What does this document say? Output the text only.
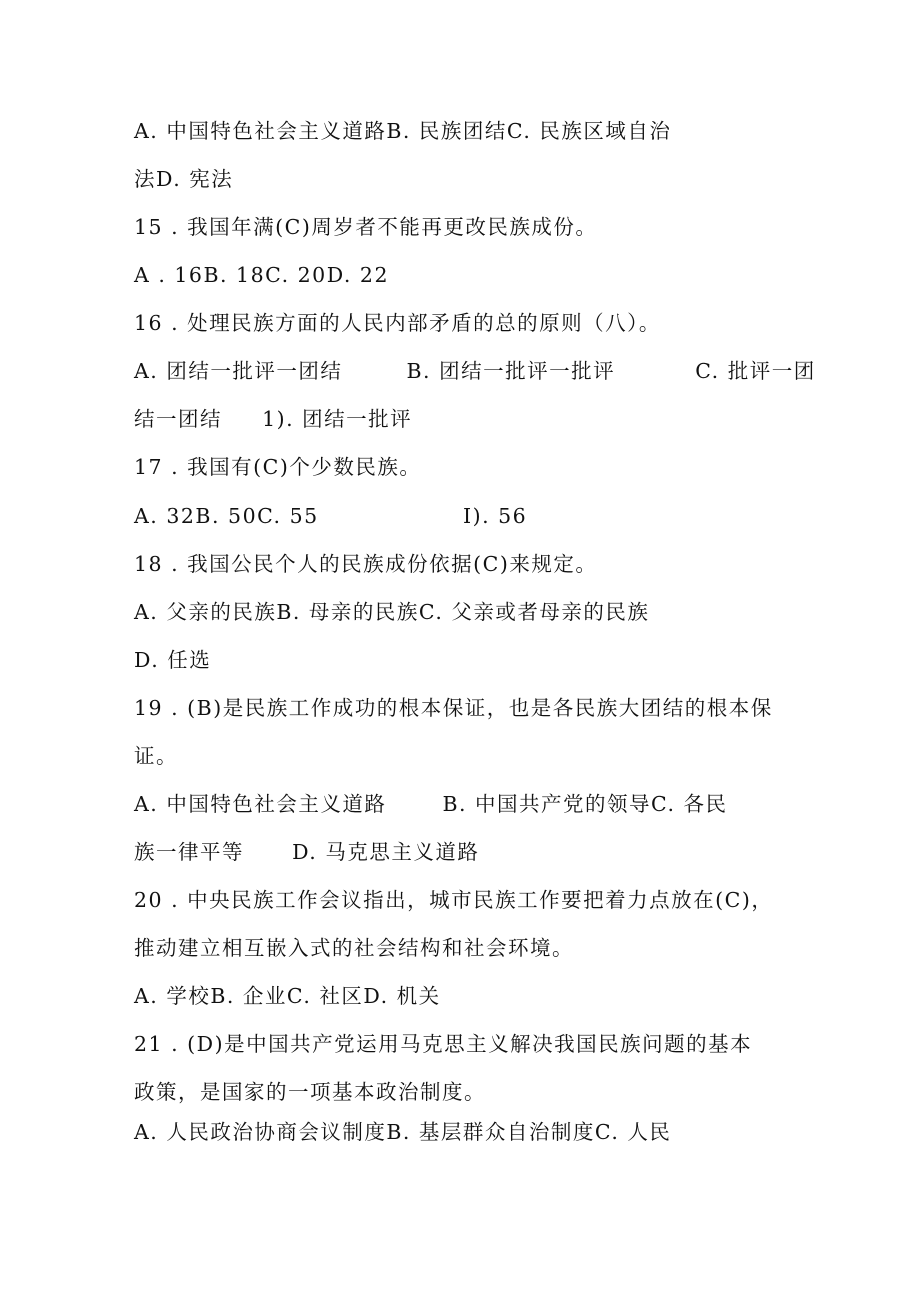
A. 中国特色社会主义道路B. 民族团结C. 民族区域自治
法D. 宪法
15 . 我国年满(C)周岁者不能再更改民族成份。
A . 16B. 18C. 20D. 22
16 . 处理民族方面的人民内部矛盾的总的原则（八）。
A. 团结一批评一团结        B. 团结一批评一批评          C. 批评一团
结一团结     1). 团结一批评
17 . 我国有(C)个少数民族。
A. 32B. 50C. 55                  I). 56
18 . 我国公民个人的民族成份依据(C)来规定。
A. 父亲的民族B. 母亲的民族C. 父亲或者母亲的民族
D. 任选
19 . (B)是民族工作成功的根本保证，也是各民族大团结的根本保
证。
A. 中国特色社会主义道路       B. 中国共产党的领导C. 各民
族一律平等      D. 马克思主义道路
20 . 中央民族工作会议指出，城市民族工作要把着力点放在(C)，
推动建立相互嵌入式的社会结构和社会环境。
A. 学校B. 企业C. 社区D. 机关
21 . (D)是中国共产党运用马克思主义解决我国民族问题的基本
政策，是国家的一项基本政治制度。
A. 人民政治协商会议制度B. 基层群众自治制度C. 人民
